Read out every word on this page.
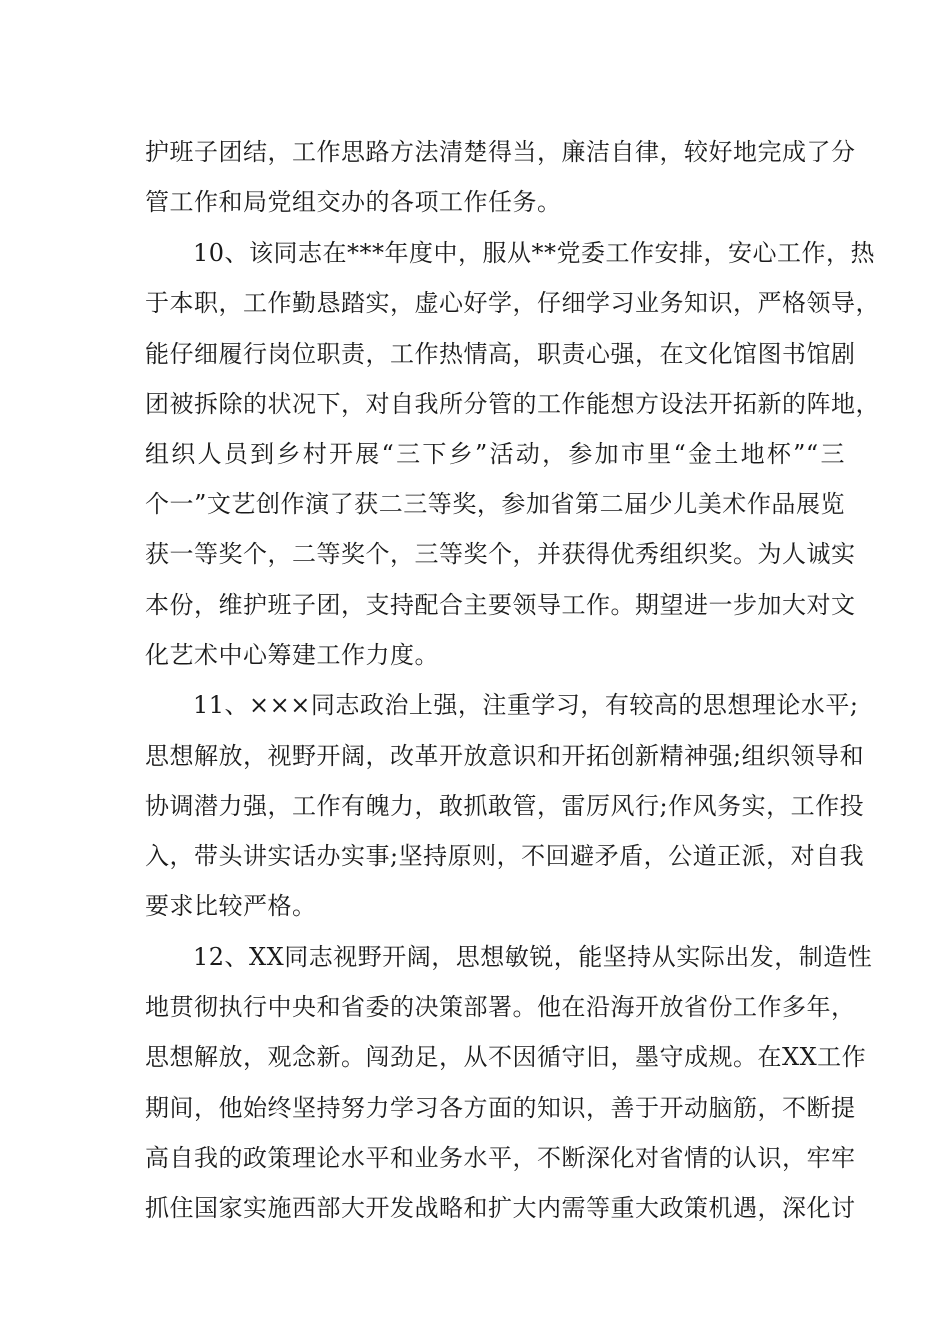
护班子团结，工作思路方法清楚得当，廉洁自律，较好地完成了分
管工作和局党组交办的各项工作任务。
10、该同志在***年度中，服从**党委工作安排，安心工作，热
于本职，工作勤恳踏实，虚心好学，仔细学习业务知识，严格领导，
能仔细履行岗位职责，工作热情高，职责心强，在文化馆图书馆剧
团被拆除的状况下，对自我所分管的工作能想方设法开拓新的阵地，
组织人员到乡村开展“三下乡”活动，参加市里“金土地杯”“三
个一”文艺创作演了获二三等奖，参加省第二届少儿美术作品展览
获一等奖个，二等奖个，三等奖个，并获得优秀组织奖。为人诚实
本份，维护班子团，支持配合主要领导工作。期望进一步加大对文
化艺术中心筹建工作力度。
11、×××同志政治上强，注重学习，有较高的思想理论水平;
思想解放，视野开阔，改革开放意识和开拓创新精神强;组织领导和
协调潜力强，工作有魄力，敢抓敢管，雷厉风行;作风务实，工作投
入，带头讲实话办实事;坚持原则，不回避矛盾，公道正派，对自我
要求比较严格。
12、XX同志视野开阔，思想敏锐，能坚持从实际出发，制造性
地贯彻执行中央和省委的决策部署。他在沿海开放省份工作多年，
思想解放，观念新。闯劲足，从不因循守旧，墨守成规。在XX工作
期间，他始终坚持努力学习各方面的知识，善于开动脑筋，不断提
高自我的政策理论水平和业务水平，不断深化对省情的认识，牢牢
抓住国家实施西部大开发战略和扩大内需等重大政策机遇，深化讨
